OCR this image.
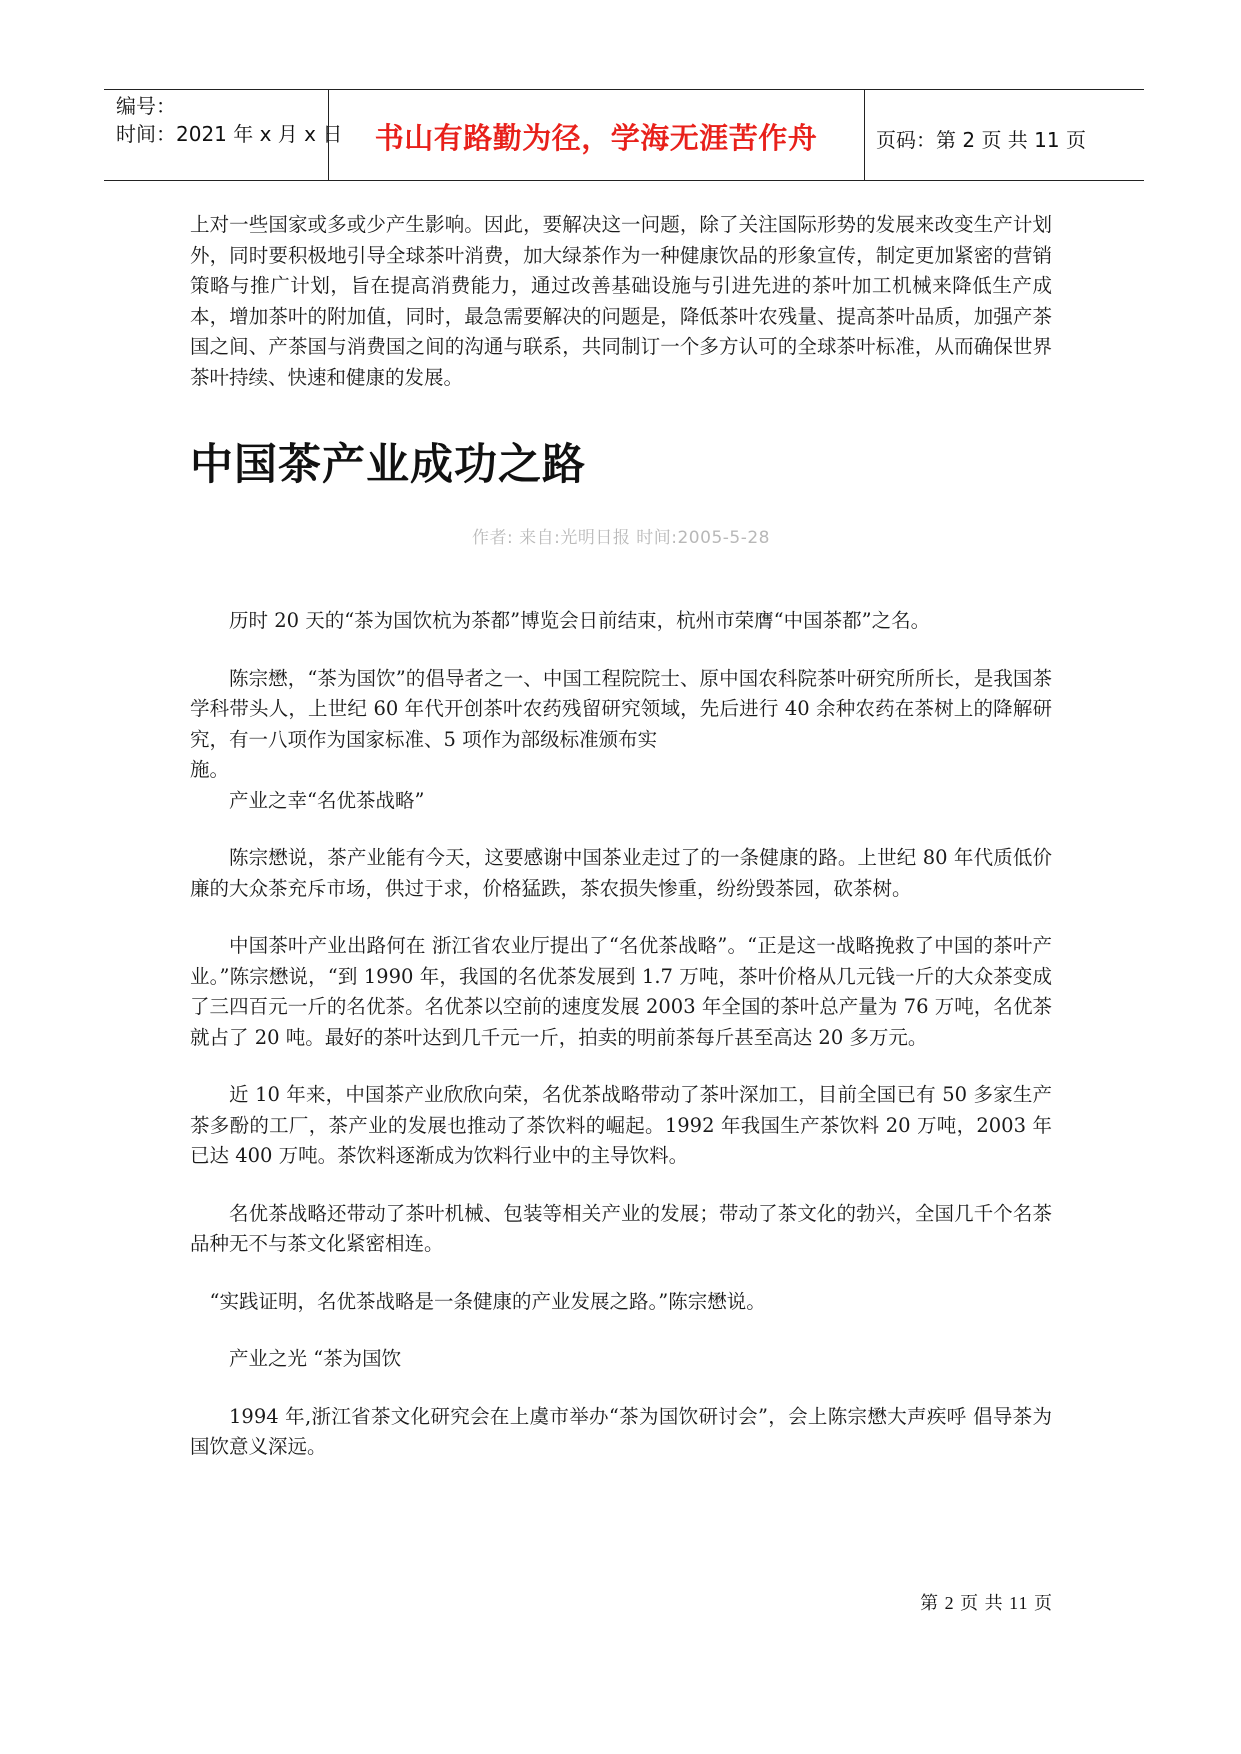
编号：
时间：2021 年 x 月 x 日	书山有路勤为径，学海无涯苦作舟	页码：第 2 页 共 11 页

上对一些国家或多或少产生影响。因此，要解决这一问题，除了关注国际形势的发展来改变生产计划外，同时要积极地引导全球茶叶消费，加大绿茶作为一种健康饮品的形象宣传，制定更加紧密的营销策略与推广计划，旨在提高消费能力，通过改善基础设施与引进先进的茶叶加工机械来降低生产成本，增加茶叶的附加值，同时，最急需要解决的问题是，降低茶叶农残量、提高茶叶品质，加强产茶国之间、产茶国与消费国之间的沟通与联系，共同制订一个多方认可的全球茶叶标准，从而确保世界茶叶持续、快速和健康的发展。

中国茶产业成功之路
作者: 来自:光明日报 时间:2005-5-28

历时 20 天的“茶为国饮杭为茶都”博览会日前结束，杭州市荣膺“中国茶都”之名。

陈宗懋，“茶为国饮”的倡导者之一、中国工程院院士、原中国农科院茶叶研究所所长，是我国茶学科带头人，上世纪 60 年代开创茶叶农药残留研究领域，先后进行 40 余种农药在茶树上的降解研究，有一八项作为国家标准、5 项作为部级标准颁布实

施。

产业之幸“名优茶战略”

陈宗懋说，茶产业能有今天，这要感谢中国茶业走过了的一条健康的路。上世纪 80 年代质低价廉的大众茶充斥市场，供过于求，价格猛跌，茶农损失惨重，纷纷毁茶园，砍茶树。

中国茶叶产业出路何在 浙江省农业厅提出了“名优茶战略”。“正是这一战略挽救了中国的茶叶产业。”陈宗懋说，“到 1990 年，我国的名优茶发展到 1.7 万吨，茶叶价格从几元钱一斤的大众茶变成了三四百元一斤的名优茶。名优茶以空前的速度发展 2003 年全国的茶叶总产量为 76 万吨，名优茶就占了 20 吨。最好的茶叶达到几千元一斤，拍卖的明前茶每斤甚至高达 20 多万元。

近 10 年来，中国茶产业欣欣向荣，名优茶战略带动了茶叶深加工，目前全国已有 50 多家生产茶多酚的工厂，茶产业的发展也推动了茶饮料的崛起。1992 年我国生产茶饮料 20 万吨，2003 年已达 400 万吨。茶饮料逐渐成为饮料行业中的主导饮料。

名优茶战略还带动了茶叶机械、包装等相关产业的发展；带动了茶文化的勃兴，全国几千个名茶品种无不与茶文化紧密相连。

“实践证明，名优茶战略是一条健康的产业发展之路。”陈宗懋说。

产业之光 “茶为国饮

1994 年,浙江省茶文化研究会在上虞市举办“茶为国饮研讨会”，会上陈宗懋大声疾呼 倡导茶为国饮意义深远。

第 2 页 共 11 页
